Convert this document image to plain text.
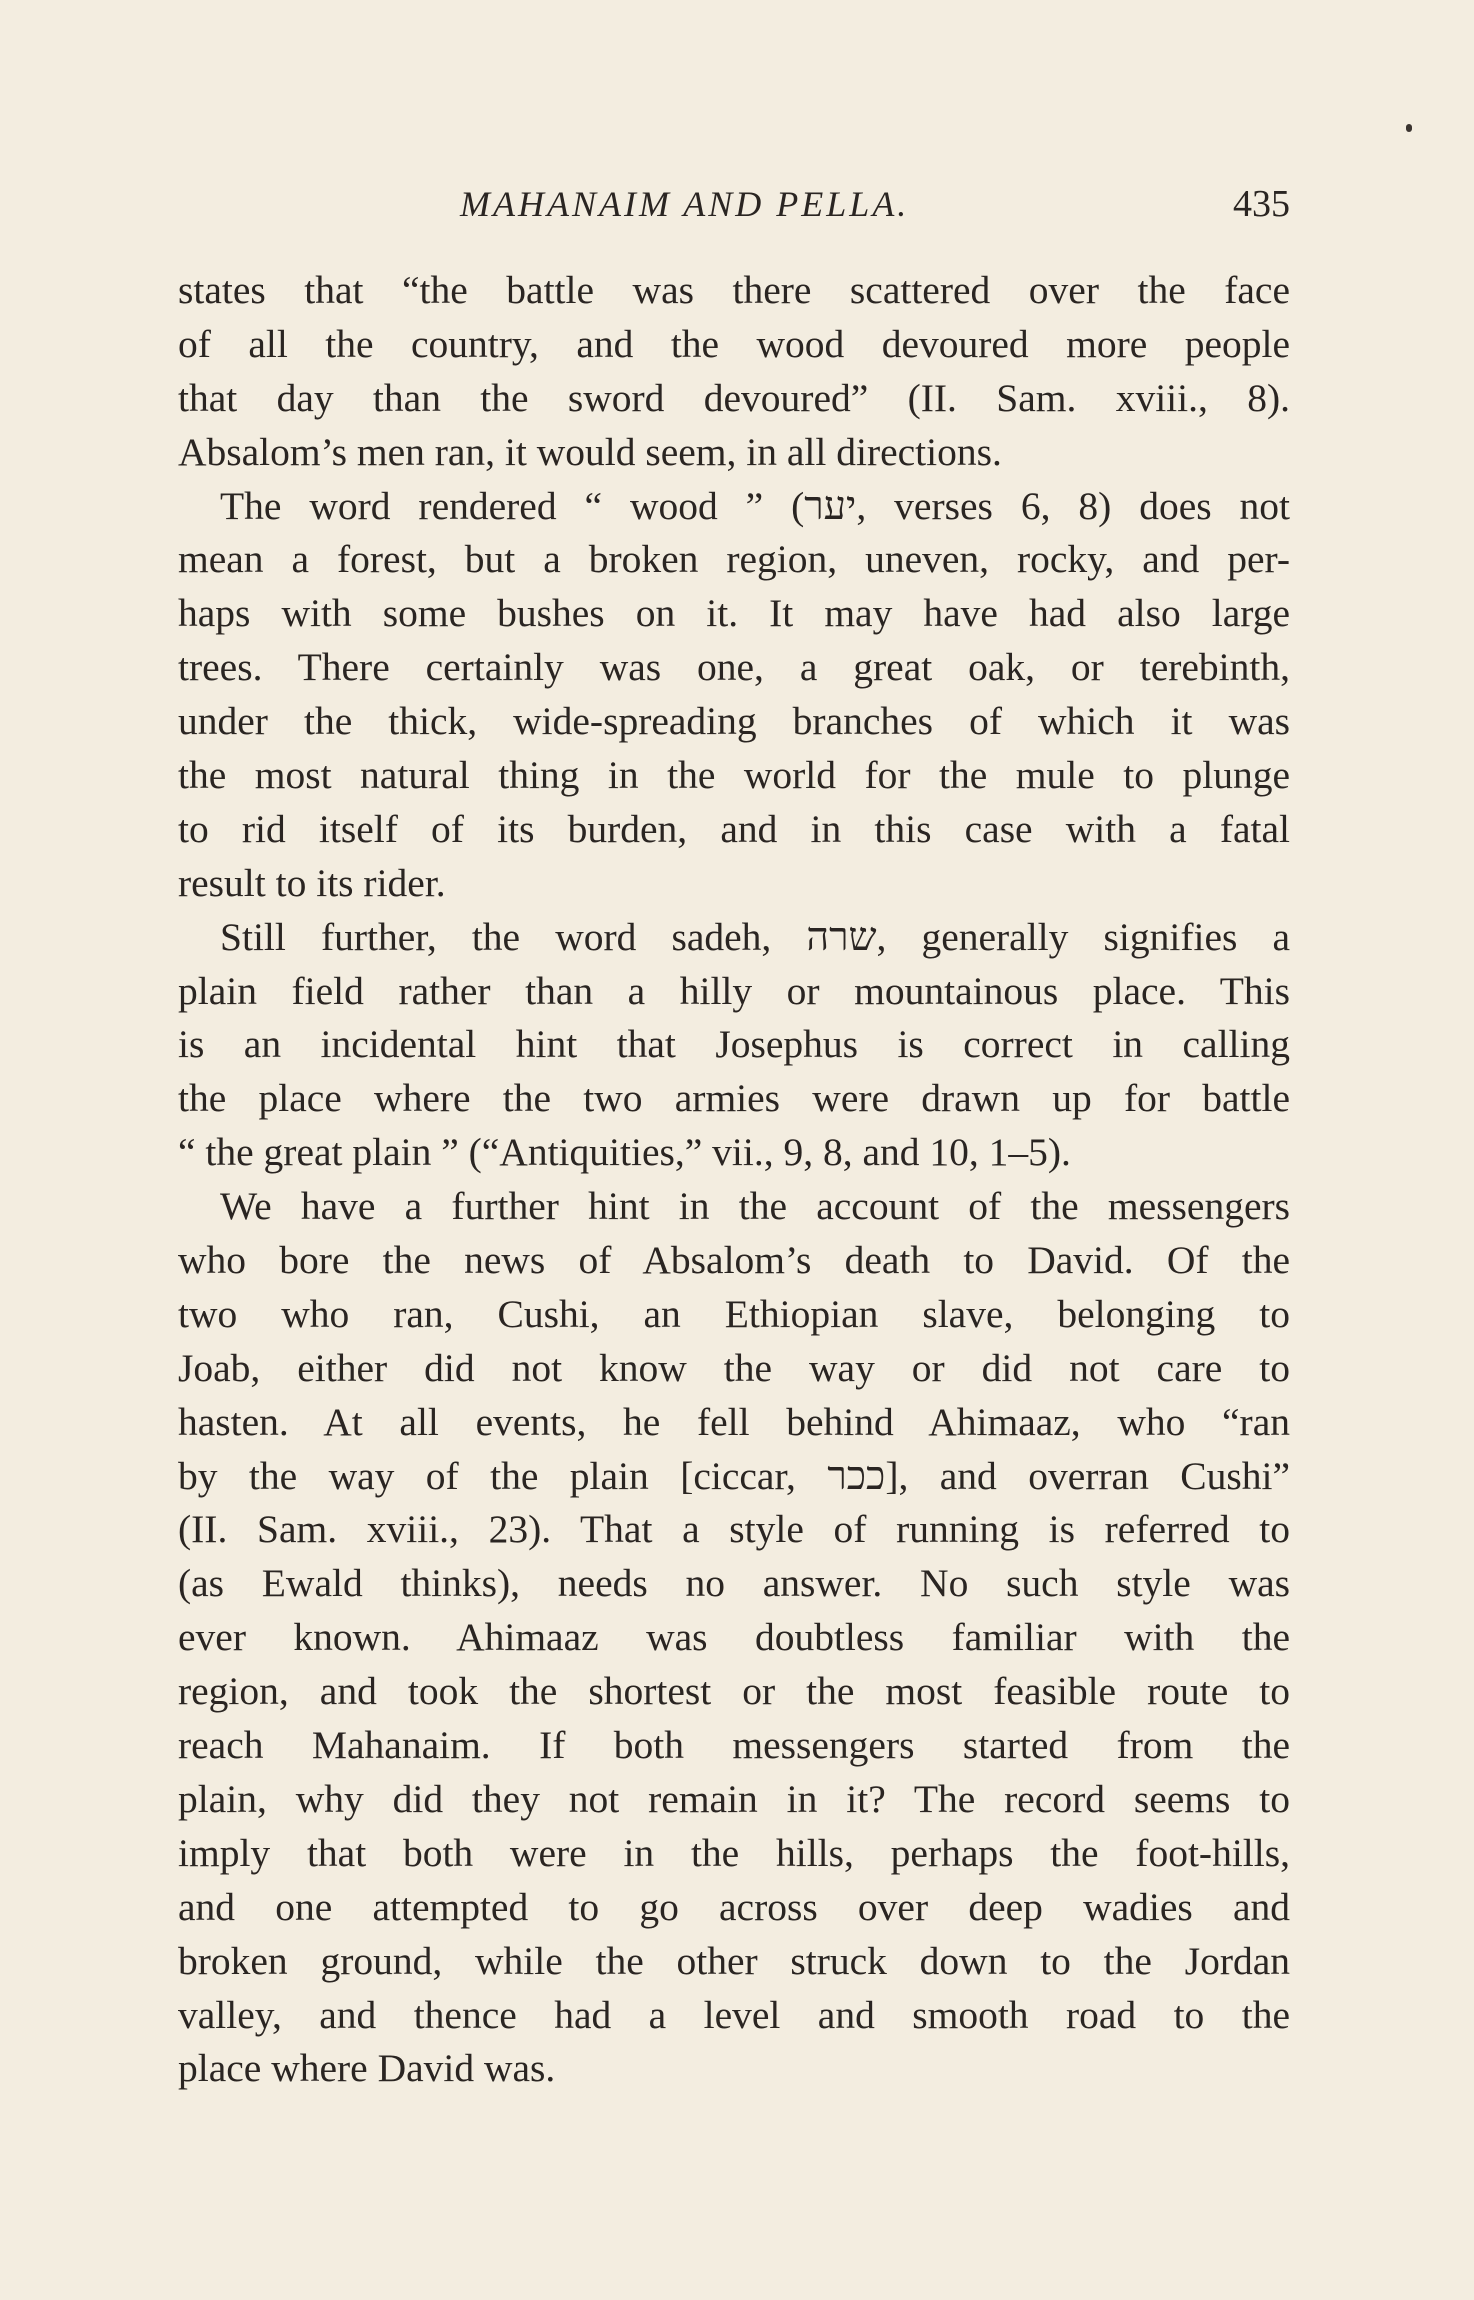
MAHANAIM AND PELLA.	435
states that “the battle was there scattered over the face
of all the country, and the wood devoured more people
that day than the sword devoured” (II. Sam. xviii., 8).
Absalom’s men ran, it would seem, in all directions.
The word rendered “ wood ” (יער, verses 6, 8) does not
mean a forest, but a broken region, uneven, rocky, and per-
haps with some bushes on it. It may have had also large
trees. There certainly was one, a great oak, or terebinth,
under the thick, wide-spreading branches of which it was
the most natural thing in the world for the mule to plunge
to rid itself of its burden, and in this case with a fatal
result to its rider.
Still further, the word sadeh, שרה, generally signifies a
plain field rather than a hilly or mountainous place. This
is an incidental hint that Josephus is correct in calling
the place where the two armies were drawn up for battle
“ the great plain ” (“Antiquities,” vii., 9, 8, and 10, 1–5).
We have a further hint in the account of the messengers
who bore the news of Absalom’s death to David. Of the
two who ran, Cushi, an Ethiopian slave, belonging to
Joab, either did not know the way or did not care to
hasten. At all events, he fell behind Ahimaaz, who “ran
by the way of the plain [ciccar, ככר], and overran Cushi”
(II. Sam. xviii., 23). That a style of running is referred to
(as Ewald thinks), needs no answer. No such style was
ever known. Ahimaaz was doubtless familiar with the
region, and took the shortest or the most feasible route to
reach Mahanaim. If both messengers started from the
plain, why did they not remain in it? The record seems to
imply that both were in the hills, perhaps the foot-hills,
and one attempted to go across over deep wadies and
broken ground, while the other struck down to the Jordan
valley, and thence had a level and smooth road to the
place where David was.
